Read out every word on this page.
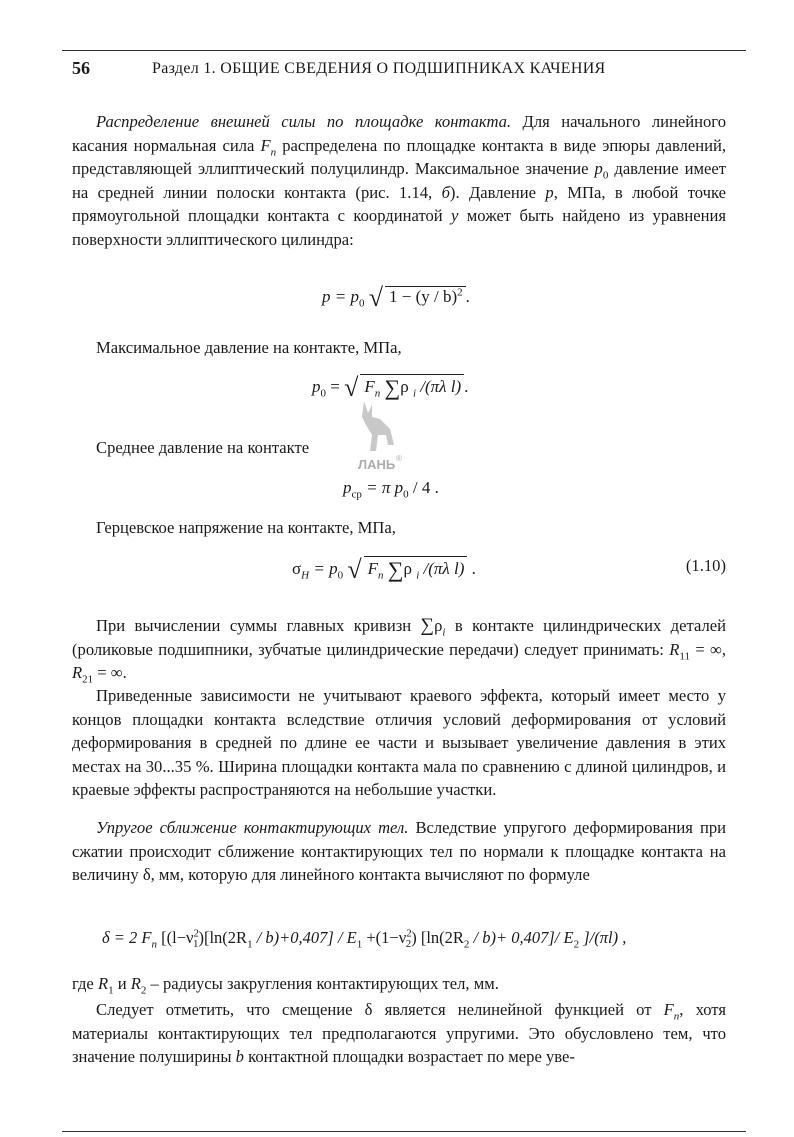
56	Раздел 1. ОБЩИЕ СВЕДЕНИЯ О ПОДШИПНИКАХ КАЧЕНИЯ

Распределение внешней силы по площадке контакта. Для начального линейного касания нормальная сила $F_n$ распределена по площадке контакта в виде эпюры давлений, представляющей эллиптический полуцилиндр. Максимальное значение $p_0$ давление имеет на средней линии полоски контакта (рис. 1.14, б). Давление p, МПа, в любой точке прямоугольной площадки контакта с координатой y может быть найдено из уравнения поверхности эллиптического цилиндра:

$p = p_0$ √ 1 − (y / b)$^2$ .

Максимальное давление на контакте, МПа,

$p_0$ = √ $F_n$ ∑ρ $_i$ /(πλ l) .

Среднее давление на контакте

$p_{ср} = \pi$ $p_0 / 4$ .

Герцевское напряжение на контакте, МПа,

$\sigma_H = p_0$ √ $F_n$ ∑ρ $_i$ /(πλ l) .	(1.10)

При вычислении суммы главных кривизн $\sum\rho_i$ в контакте цилиндрических деталей (роликовые подшипники, зубчатые цилиндрические передачи) следует принимать: $R_{11}$ = ∞, $R_{21}$ = ∞.

Приведенные зависимости не учитывают краевого эффекта, который имеет место у концов площадки контакта вследствие отличия условий деформирования от условий деформирования в средней по длине ее части и вызывает увеличение давления в этих местах на 30...35 %. Ширина площадки контакта мала по сравнению с длиной цилиндров, и краевые эффекты распространяются на небольшие участки.

Упругое сближение контактирующих тел. Вследствие упругого деформирования при сжатии происходит сближение контактирующих тел по нормали к площадке контакта на величину δ, мм, которую для линейного контакта вычисляют по формуле

δ = 2 $F_n$ [$(l-\nu^2_1)[\ln(2R_1 / b)+0,407] / E_1 +(1-\nu^2_2)$ $[\ln(2R_2 / b)+ 0,407]/$ $E_2$ ]/(πl) ,

где $R_1$ и $R_2$ – радиусы закругления контактирующих тел, мм.

Следует отметить, что смещение δ является нелинейной функцией от $F_n$, хотя материалы контактирующих тел предполагаются упругими. Это обусловлено тем, что значение полуширины b контактной площадки возрастает по мере уве-

ЛАНЬ ®
